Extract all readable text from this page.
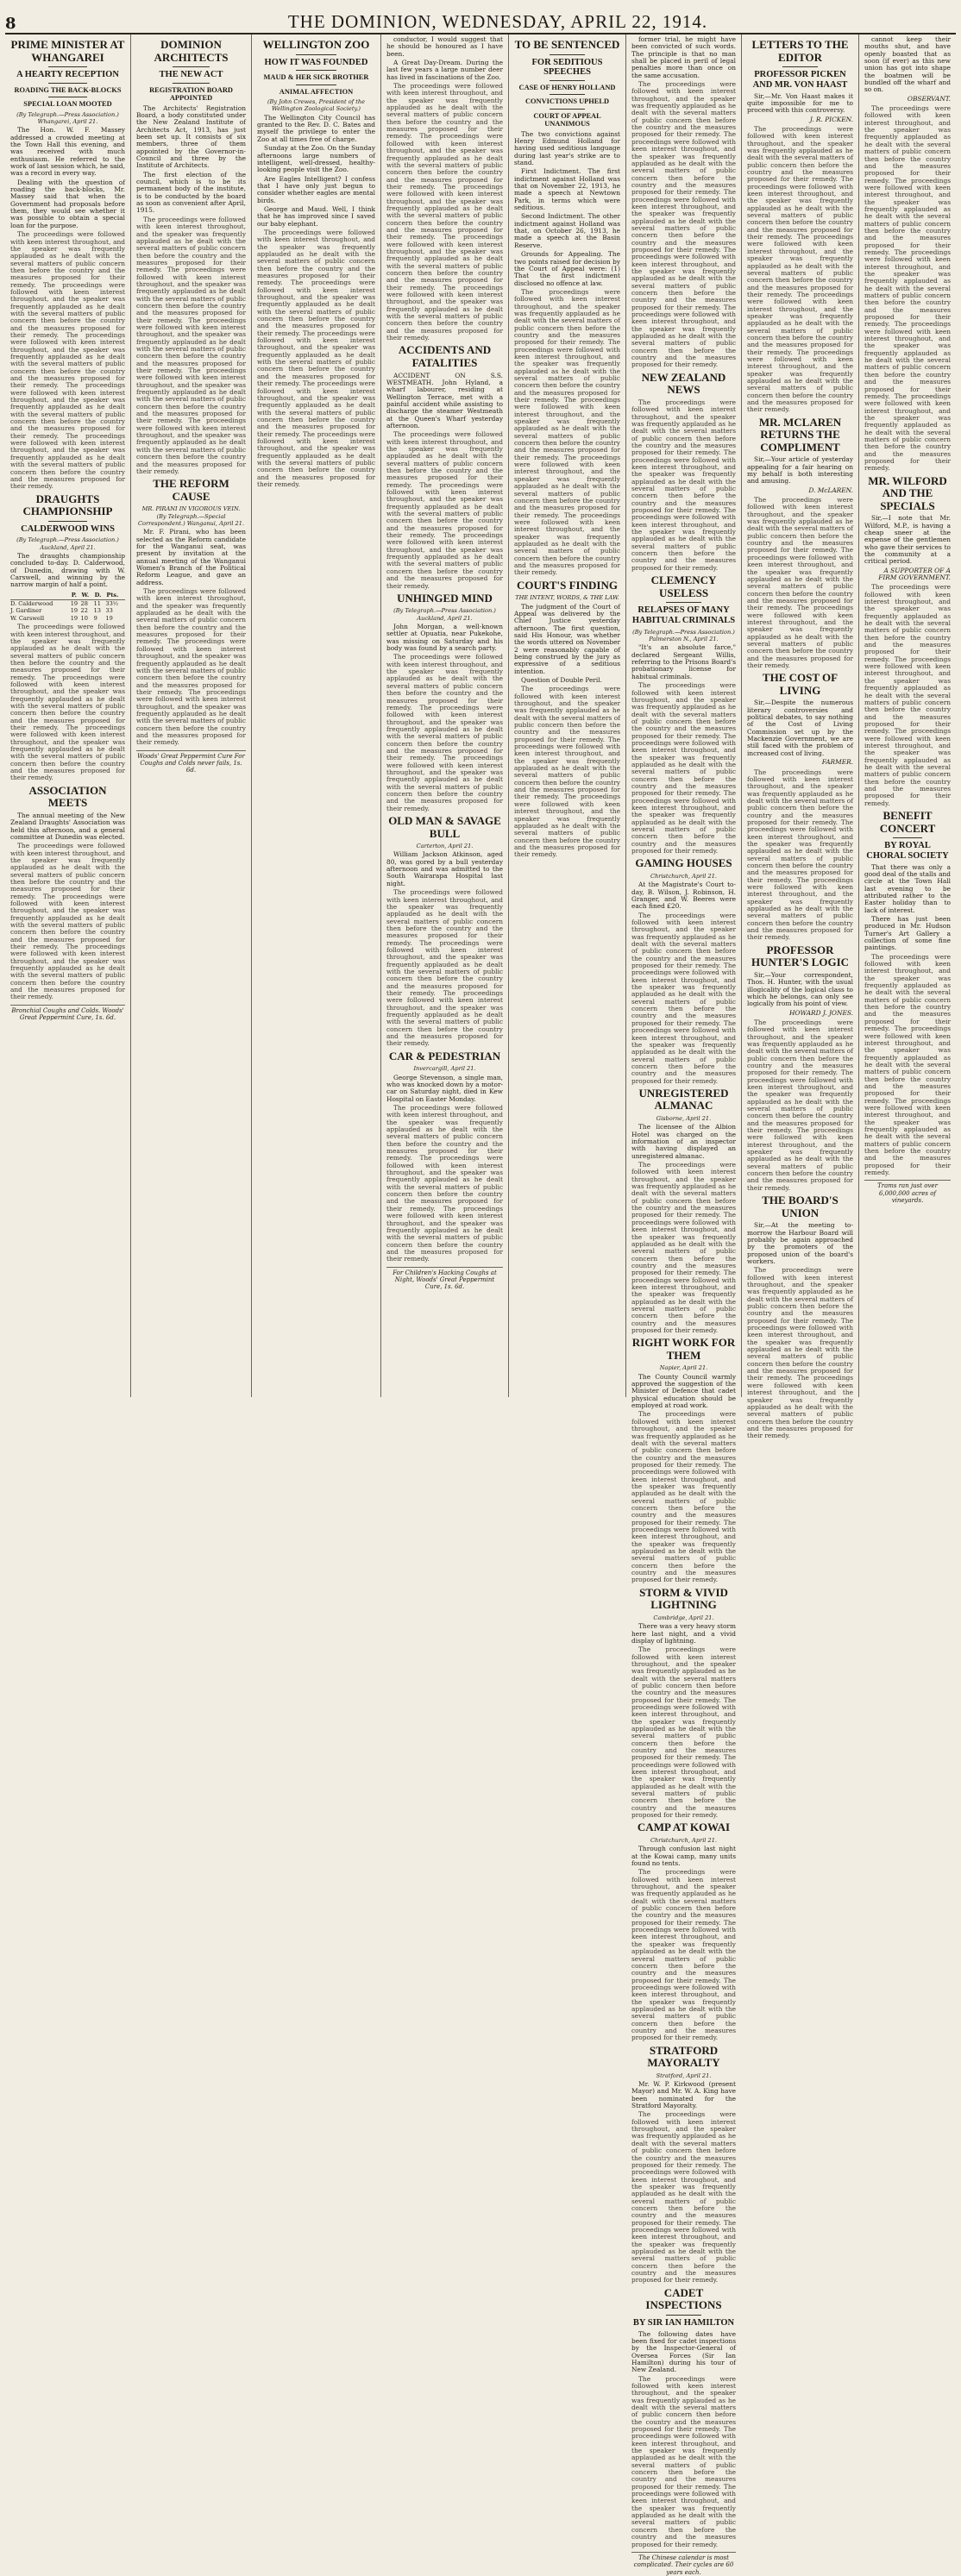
8	THE DOMINION, WEDNESDAY, APRIL 22, 1914.
PRIME MINISTER AT WHANGAREI
A HEARTY RECEPTION
ROADING THE BACK-BLOCKS
SPECIAL LOAN MOOTED
(By Telegraph.—Press Association.) Whangarei, April 21.

The Hon. W. F. Massey addressed a crowded meeting at the Town Hall this evening, and was received with much enthusiasm. He referred to the work of last session which, he said, was a record in every way.

Dealing with the question of roading the back-blocks, Mr. Massey said that when the Government had proposals before them, they would see whether it was possible to obtain a special loan for the purpose.

The proceedings were followed with keen interest throughout, and the speaker was frequently applauded as he dealt with the several matters of public concern then before the country and the measures proposed for their remedy. The proceedings were followed with keen interest throughout, and the speaker was frequently applauded as he dealt with the several matters of public concern then before the country and the measures proposed for their remedy. The proceedings were followed with keen interest throughout, and the speaker was frequently applauded as he dealt with the several matters of public concern then before the country and the measures proposed for their remedy. The proceedings were followed with keen interest throughout, and the speaker was frequently applauded as he dealt with the several matters of public concern then before the country and the measures proposed for their remedy. The proceedings were followed with keen interest throughout, and the speaker was frequently applauded as he dealt with the several matters of public concern then before the country and the measures proposed for their remedy.

DRAUGHTS CHAMPIONSHIP
CALDERWOOD WINS
(By Telegraph.—Press Association.) Auckland, April 21.

The draughts championship concluded to-day. D. Calderwood, of Dunedin, drawing with W. Carswell, and winning by the narrow margin of half a point.

	P.	W.	D.	Pts.
D. Calderwood	19	28	11	33½
J. Gardiner	19	22	13	33
W. Carswell	19	10	9	19

The proceedings were followed with keen interest throughout, and the speaker was frequently applauded as he dealt with the several matters of public concern then before the country and the measures proposed for their remedy. The proceedings were followed with keen interest throughout, and the speaker was frequently applauded as he dealt with the several matters of public concern then before the country and the measures proposed for their remedy. The proceedings were followed with keen interest throughout, and the speaker was frequently applauded as he dealt with the several matters of public concern then before the country and the measures proposed for their remedy.

ASSOCIATION MEETS

The annual meeting of the New Zealand Draughts' Association was held this afternoon, and a general committee at Dunedin was elected.

The proceedings were followed with keen interest throughout, and the speaker was frequently applauded as he dealt with the several matters of public concern then before the country and the measures proposed for their remedy. The proceedings were followed with keen interest throughout, and the speaker was frequently applauded as he dealt with the several matters of public concern then before the country and the measures proposed for their remedy. The proceedings were followed with keen interest throughout, and the speaker was frequently applauded as he dealt with the several matters of public concern then before the country and the measures proposed for their remedy.

Bronchial Coughs and Colds. Woods' Great Peppermint Cure, 1s. 6d.
DOMINION ARCHITECTS
THE NEW ACT
REGISTRATION BOARD APPOINTED

The Architects' Registration Board, a body constituted under the New Zealand Institute of Architects Act, 1913, has just been set up. It consists of six members, three of them appointed by the Governor-in-Council and three by the Institute of Architects.

The first election of the council, which is to be its permanent body of the institute, is to be conducted by the board as soon as convenient after April, 1915.

The proceedings were followed with keen interest throughout, and the speaker was frequently applauded as he dealt with the several matters of public concern then before the country and the measures proposed for their remedy. The proceedings were followed with keen interest throughout, and the speaker was frequently applauded as he dealt with the several matters of public concern then before the country and the measures proposed for their remedy. The proceedings were followed with keen interest throughout, and the speaker was frequently applauded as he dealt with the several matters of public concern then before the country and the measures proposed for their remedy. The proceedings were followed with keen interest throughout, and the speaker was frequently applauded as he dealt with the several matters of public concern then before the country and the measures proposed for their remedy. The proceedings were followed with keen interest throughout, and the speaker was frequently applauded as he dealt with the several matters of public concern then before the country and the measures proposed for their remedy.

THE REFORM CAUSE
MR. PIRANI IN VIGOROUS VEIN. (By Telegraph.—Special Correspondent.) Wanganui, April 21.

Mr. F. Pirani, who has been selected as the Reform candidate for the Wanganui seat, was present by invitation at the annual meeting of the Wanganui Women's Branch of the Political Reform League, and gave an address.

The proceedings were followed with keen interest throughout, and the speaker was frequently applauded as he dealt with the several matters of public concern then before the country and the measures proposed for their remedy. The proceedings were followed with keen interest throughout, and the speaker was frequently applauded as he dealt with the several matters of public concern then before the country and the measures proposed for their remedy. The proceedings were followed with keen interest throughout, and the speaker was frequently applauded as he dealt with the several matters of public concern then before the country and the measures proposed for their remedy.

Woods' Great Peppermint Cure For Coughs and Colds never fails, 1s. 6d.
WELLINGTON ZOO
HOW IT WAS FOUNDED
MAUD & HER SICK BROTHER
ANIMAL AFFECTION
(By John Crewes, President of the Wellington Zoological Society.)

The Wellington City Council has granted to the Rev. D. C. Bates and myself the privilege to enter the Zoo at all times free of charge.

Sunday at the Zoo. On the Sunday afternoons large numbers of intelligent, well-dressed, healthy-looking people visit the Zoo.

Are Eagles Intelligent? I confess that I have only just begun to consider whether eagles are mental birds.

George and Maud. Well, I think that he has improved since I saved our baby elephant.

The proceedings were followed with keen interest throughout, and the speaker was frequently applauded as he dealt with the several matters of public concern then before the country and the measures proposed for their remedy. The proceedings were followed with keen interest throughout, and the speaker was frequently applauded as he dealt with the several matters of public concern then before the country and the measures proposed for their remedy. The proceedings were followed with keen interest throughout, and the speaker was frequently applauded as he dealt with the several matters of public concern then before the country and the measures proposed for their remedy. The proceedings were followed with keen interest throughout, and the speaker was frequently applauded as he dealt with the several matters of public concern then before the country and the measures proposed for their remedy. The proceedings were followed with keen interest throughout, and the speaker was frequently applauded as he dealt with the several matters of public concern then before the country and the measures proposed for their remedy.

conductor, I would suggest that he should be honoured as I have been.

A Great Day-Dream. During the last few years a large number deer has lived in fascinations of the Zoo.

The proceedings were followed with keen interest throughout, and the speaker was frequently applauded as he dealt with the several matters of public concern then before the country and the measures proposed for their remedy. The proceedings were followed with keen interest throughout, and the speaker was frequently applauded as he dealt with the several matters of public concern then before the country and the measures proposed for their remedy. The proceedings were followed with keen interest throughout, and the speaker was frequently applauded as he dealt with the several matters of public concern then before the country and the measures proposed for their remedy. The proceedings were followed with keen interest throughout, and the speaker was frequently applauded as he dealt with the several matters of public concern then before the country and the measures proposed for their remedy. The proceedings were followed with keen interest throughout, and the speaker was frequently applauded as he dealt with the several matters of public concern then before the country and the measures proposed for their remedy.

ACCIDENTS AND FATALITIES

ACCIDENT ON S.S. WESTMEATH. John Hyland, a wharf labourer, residing at Wellington Terrace, met with a painful accident while assisting to discharge the steamer Westmeath at the Queen's Wharf yesterday afternoon.

The proceedings were followed with keen interest throughout, and the speaker was frequently applauded as he dealt with the several matters of public concern then before the country and the measures proposed for their remedy. The proceedings were followed with keen interest throughout, and the speaker was frequently applauded as he dealt with the several matters of public concern then before the country and the measures proposed for their remedy. The proceedings were followed with keen interest throughout, and the speaker was frequently applauded as he dealt with the several matters of public concern then before the country and the measures proposed for their remedy.

UNHINGED MIND
(By Telegraph.—Press Association.) Auckland, April 21.

John Morgan, a well-known settler at Opuatia, near Pukekohe, was missing on Saturday and his body was found by a search party.

The proceedings were followed with keen interest throughout, and the speaker was frequently applauded as he dealt with the several matters of public concern then before the country and the measures proposed for their remedy. The proceedings were followed with keen interest throughout, and the speaker was frequently applauded as he dealt with the several matters of public concern then before the country and the measures proposed for their remedy. The proceedings were followed with keen interest throughout, and the speaker was frequently applauded as he dealt with the several matters of public concern then before the country and the measures proposed for their remedy.

OLD MAN & SAVAGE BULL
Carterton, April 21.

William Jackson Atkinson, aged 80, was gored by a bull yesterday afternoon and was admitted to the South Wairarapa Hospital last night.

The proceedings were followed with keen interest throughout, and the speaker was frequently applauded as he dealt with the several matters of public concern then before the country and the measures proposed for their remedy. The proceedings were followed with keen interest throughout, and the speaker was frequently applauded as he dealt with the several matters of public concern then before the country and the measures proposed for their remedy. The proceedings were followed with keen interest throughout, and the speaker was frequently applauded as he dealt with the several matters of public concern then before the country and the measures proposed for their remedy.

CAR & PEDESTRIAN
Invercargill, April 21.

George Stevenson, a single man, who was knocked down by a motor-car on Saturday night, died in Kew Hospital on Easter Monday.

The proceedings were followed with keen interest throughout, and the speaker was frequently applauded as he dealt with the several matters of public concern then before the country and the measures proposed for their remedy. The proceedings were followed with keen interest throughout, and the speaker was frequently applauded as he dealt with the several matters of public concern then before the country and the measures proposed for their remedy. The proceedings were followed with keen interest throughout, and the speaker was frequently applauded as he dealt with the several matters of public concern then before the country and the measures proposed for their remedy.

For Children's Hacking Coughs at Night, Woods' Great Peppermint Cure, 1s. 6d.
TO BE SENTENCED
FOR SEDITIOUS SPEECHES
CASE OF HENRY HOLLAND
CONVICTIONS UPHELD
COURT OF APPEAL UNANIMOUS

The two convictions against Henry Edmund Holland for having used seditious language during last year's strike are to stand.

First Indictment. The first indictment against Holland was that on November 22, 1913, he made a speech at Newtown Park, in terms which were seditious.

Second Indictment. The other indictment against Holland was that, on October 26, 1913, he made a speech at the Basin Reserve.

Grounds for Appealing. The two points raised for decision by the Court of Appeal were: (1) That the first indictment disclosed no offence at law.

The proceedings were followed with keen interest throughout, and the speaker was frequently applauded as he dealt with the several matters of public concern then before the country and the measures proposed for their remedy. The proceedings were followed with keen interest throughout, and the speaker was frequently applauded as he dealt with the several matters of public concern then before the country and the measures proposed for their remedy. The proceedings were followed with keen interest throughout, and the speaker was frequently applauded as he dealt with the several matters of public concern then before the country and the measures proposed for their remedy. The proceedings were followed with keen interest throughout, and the speaker was frequently applauded as he dealt with the several matters of public concern then before the country and the measures proposed for their remedy. The proceedings were followed with keen interest throughout, and the speaker was frequently applauded as he dealt with the several matters of public concern then before the country and the measures proposed for their remedy.

COURT'S FINDING
THE INTENT, WORDS, & THE LAW.

The judgment of the Court of Appeal was delivered by the Chief Justice yesterday afternoon. The first question, said His Honour, was whether the words uttered on November 2 were reasonably capable of being construed by the jury as expressive of a seditious intention.

Question of Double Peril.

The proceedings were followed with keen interest throughout, and the speaker was frequently applauded as he dealt with the several matters of public concern then before the country and the measures proposed for their remedy. The proceedings were followed with keen interest throughout, and the speaker was frequently applauded as he dealt with the several matters of public concern then before the country and the measures proposed for their remedy. The proceedings were followed with keen interest throughout, and the speaker was frequently applauded as he dealt with the several matters of public concern then before the country and the measures proposed for their remedy.

former trial, he might have been convicted of such words. The principle is that no man shall be placed in peril of legal penalties more than once on the same accusation.

The proceedings were followed with keen interest throughout, and the speaker was frequently applauded as he dealt with the several matters of public concern then before the country and the measures proposed for their remedy. The proceedings were followed with keen interest throughout, and the speaker was frequently applauded as he dealt with the several matters of public concern then before the country and the measures proposed for their remedy. The proceedings were followed with keen interest throughout, and the speaker was frequently applauded as he dealt with the several matters of public concern then before the country and the measures proposed for their remedy. The proceedings were followed with keen interest throughout, and the speaker was frequently applauded as he dealt with the several matters of public concern then before the country and the measures proposed for their remedy. The proceedings were followed with keen interest throughout, and the speaker was frequently applauded as he dealt with the several matters of public concern then before the country and the measures proposed for their remedy.

NEW ZEALAND NEWS

The proceedings were followed with keen interest throughout, and the speaker was frequently applauded as he dealt with the several matters of public concern then before the country and the measures proposed for their remedy. The proceedings were followed with keen interest throughout, and the speaker was frequently applauded as he dealt with the several matters of public concern then before the country and the measures proposed for their remedy. The proceedings were followed with keen interest throughout, and the speaker was frequently applauded as he dealt with the several matters of public concern then before the country and the measures proposed for their remedy.

CLEMENCY USELESS
RELAPSES OF MANY HABITUAL CRIMINALS
(By Telegraph.—Press Association.) Palmerston N., April 21.

"It's an absolute farce," declared Sergeant Willis, referring to the Prisons Board's probationary license for habitual criminals.

The proceedings were followed with keen interest throughout, and the speaker was frequently applauded as he dealt with the several matters of public concern then before the country and the measures proposed for their remedy. The proceedings were followed with keen interest throughout, and the speaker was frequently applauded as he dealt with the several matters of public concern then before the country and the measures proposed for their remedy. The proceedings were followed with keen interest throughout, and the speaker was frequently applauded as he dealt with the several matters of public concern then before the country and the measures proposed for their remedy.

GAMING HOUSES
Christchurch, April 21.

At the Magistrate's Court to-day, B. Wilson, J. Robinson, H. Granger, and W. Beeres were each fined £20.

The proceedings were followed with keen interest throughout, and the speaker was frequently applauded as he dealt with the several matters of public concern then before the country and the measures proposed for their remedy. The proceedings were followed with keen interest throughout, and the speaker was frequently applauded as he dealt with the several matters of public concern then before the country and the measures proposed for their remedy. The proceedings were followed with keen interest throughout, and the speaker was frequently applauded as he dealt with the several matters of public concern then before the country and the measures proposed for their remedy.

UNREGISTERED ALMANAC
Gisborne, April 21.

The licensee of the Albion Hotel was charged on the information of an inspector with having displayed an unregistered almanac.

The proceedings were followed with keen interest throughout, and the speaker was frequently applauded as he dealt with the several matters of public concern then before the country and the measures proposed for their remedy. The proceedings were followed with keen interest throughout, and the speaker was frequently applauded as he dealt with the several matters of public concern then before the country and the measures proposed for their remedy. The proceedings were followed with keen interest throughout, and the speaker was frequently applauded as he dealt with the several matters of public concern then before the country and the measures proposed for their remedy.

RIGHT WORK FOR THEM
Napier, April 21.

The County Council warmly approved the suggestion of the Minister of Defence that cadet physical education should be employed at road work.

The proceedings were followed with keen interest throughout, and the speaker was frequently applauded as he dealt with the several matters of public concern then before the country and the measures proposed for their remedy. The proceedings were followed with keen interest throughout, and the speaker was frequently applauded as he dealt with the several matters of public concern then before the country and the measures proposed for their remedy. The proceedings were followed with keen interest throughout, and the speaker was frequently applauded as he dealt with the several matters of public concern then before the country and the measures proposed for their remedy.

STORM & VIVID LIGHTNING
Cambridge, April 21.

There was a very heavy storm here last night, and a vivid display of lightning.

The proceedings were followed with keen interest throughout, and the speaker was frequently applauded as he dealt with the several matters of public concern then before the country and the measures proposed for their remedy. The proceedings were followed with keen interest throughout, and the speaker was frequently applauded as he dealt with the several matters of public concern then before the country and the measures proposed for their remedy. The proceedings were followed with keen interest throughout, and the speaker was frequently applauded as he dealt with the several matters of public concern then before the country and the measures proposed for their remedy.

CAMP AT KOWAI
Christchurch, April 21.

Through confusion last night at the Kowai camp, many units found no tents.

The proceedings were followed with keen interest throughout, and the speaker was frequently applauded as he dealt with the several matters of public concern then before the country and the measures proposed for their remedy. The proceedings were followed with keen interest throughout, and the speaker was frequently applauded as he dealt with the several matters of public concern then before the country and the measures proposed for their remedy. The proceedings were followed with keen interest throughout, and the speaker was frequently applauded as he dealt with the several matters of public concern then before the country and the measures proposed for their remedy.

STRATFORD MAYORALTY
Stratford, April 21.

Mr. W. P. Kirkwood (present Mayor) and Mr. W. A. King have been nominated for the Stratford Mayoralty.

The proceedings were followed with keen interest throughout, and the speaker was frequently applauded as he dealt with the several matters of public concern then before the country and the measures proposed for their remedy. The proceedings were followed with keen interest throughout, and the speaker was frequently applauded as he dealt with the several matters of public concern then before the country and the measures proposed for their remedy. The proceedings were followed with keen interest throughout, and the speaker was frequently applauded as he dealt with the several matters of public concern then before the country and the measures proposed for their remedy.

CADET INSPECTIONS
BY SIR IAN HAMILTON

The following dates have been fixed for cadet inspections by the Inspector-General of Oversea Forces (Sir Ian Hamilton) during his tour of New Zealand.

The proceedings were followed with keen interest throughout, and the speaker was frequently applauded as he dealt with the several matters of public concern then before the country and the measures proposed for their remedy. The proceedings were followed with keen interest throughout, and the speaker was frequently applauded as he dealt with the several matters of public concern then before the country and the measures proposed for their remedy. The proceedings were followed with keen interest throughout, and the speaker was frequently applauded as he dealt with the several matters of public concern then before the country and the measures proposed for their remedy.

The Chinese calendar is most complicated. Their cycles are 60 years each.
LETTERS TO THE EDITOR
PROFESSOR PICKEN AND MR. VON HAAST

Sir,—Mr. Von Haast makes it quite impossible for me to proceed with this controversy.

J. R. PICKEN.

The proceedings were followed with keen interest throughout, and the speaker was frequently applauded as he dealt with the several matters of public concern then before the country and the measures proposed for their remedy. The proceedings were followed with keen interest throughout, and the speaker was frequently applauded as he dealt with the several matters of public concern then before the country and the measures proposed for their remedy. The proceedings were followed with keen interest throughout, and the speaker was frequently applauded as he dealt with the several matters of public concern then before the country and the measures proposed for their remedy. The proceedings were followed with keen interest throughout, and the speaker was frequently applauded as he dealt with the several matters of public concern then before the country and the measures proposed for their remedy. The proceedings were followed with keen interest throughout, and the speaker was frequently applauded as he dealt with the several matters of public concern then before the country and the measures proposed for their remedy.

MR. MCLAREN RETURNS THE COMPLIMENT

Sir,—Your article of yesterday appealing for a fair hearing on my behalf is both interesting and amusing.

D. McLAREN.

The proceedings were followed with keen interest throughout, and the speaker was frequently applauded as he dealt with the several matters of public concern then before the country and the measures proposed for their remedy. The proceedings were followed with keen interest throughout, and the speaker was frequently applauded as he dealt with the several matters of public concern then before the country and the measures proposed for their remedy. The proceedings were followed with keen interest throughout, and the speaker was frequently applauded as he dealt with the several matters of public concern then before the country and the measures proposed for their remedy.

THE COST OF LIVING

Sir,—Despite the numerous literary controversies and political debates, to say nothing of the Cost of Living Commission set up by the Mackenzie Government, we are still faced with the problem of increased cost of living.

FARMER.

The proceedings were followed with keen interest throughout, and the speaker was frequently applauded as he dealt with the several matters of public concern then before the country and the measures proposed for their remedy. The proceedings were followed with keen interest throughout, and the speaker was frequently applauded as he dealt with the several matters of public concern then before the country and the measures proposed for their remedy. The proceedings were followed with keen interest throughout, and the speaker was frequently applauded as he dealt with the several matters of public concern then before the country and the measures proposed for their remedy.

PROFESSOR HUNTER'S LOGIC

Sir,—Your correspondent, Thos. H. Hunter, with the usual illogicality of the logical class to which he belongs, can only see logically from his point of view.

HOWARD J. JONES.

The proceedings were followed with keen interest throughout, and the speaker was frequently applauded as he dealt with the several matters of public concern then before the country and the measures proposed for their remedy. The proceedings were followed with keen interest throughout, and the speaker was frequently applauded as he dealt with the several matters of public concern then before the country and the measures proposed for their remedy. The proceedings were followed with keen interest throughout, and the speaker was frequently applauded as he dealt with the several matters of public concern then before the country and the measures proposed for their remedy.

THE BOARD'S UNION

Sir,—At the meeting to-morrow the Harbour Board will probably be again approached by the promoters of the proposed union of the board's workers.

The proceedings were followed with keen interest throughout, and the speaker was frequently applauded as he dealt with the several matters of public concern then before the country and the measures proposed for their remedy. The proceedings were followed with keen interest throughout, and the speaker was frequently applauded as he dealt with the several matters of public concern then before the country and the measures proposed for their remedy. The proceedings were followed with keen interest throughout, and the speaker was frequently applauded as he dealt with the several matters of public concern then before the country and the measures proposed for their remedy.

cannot keep their mouths shut, and have openly boasted that as soon (if ever) as this new union has got into shape the boatmen will be bundled off the wharf and so on.

OBSERVANT.

The proceedings were followed with keen interest throughout, and the speaker was frequently applauded as he dealt with the several matters of public concern then before the country and the measures proposed for their remedy. The proceedings were followed with keen interest throughout, and the speaker was frequently applauded as he dealt with the several matters of public concern then before the country and the measures proposed for their remedy. The proceedings were followed with keen interest throughout, and the speaker was frequently applauded as he dealt with the several matters of public concern then before the country and the measures proposed for their remedy. The proceedings were followed with keen interest throughout, and the speaker was frequently applauded as he dealt with the several matters of public concern then before the country and the measures proposed for their remedy. The proceedings were followed with keen interest throughout, and the speaker was frequently applauded as he dealt with the several matters of public concern then before the country and the measures proposed for their remedy.

MR. WILFORD AND THE SPECIALS

Sir,—I note that Mr. Wilford, M.P., is having a cheap sneer at the expense of the gentlemen who gave their services to the community at a critical period.

A SUPPORTER OF A FIRM GOVERNMENT.

The proceedings were followed with keen interest throughout, and the speaker was frequently applauded as he dealt with the several matters of public concern then before the country and the measures proposed for their remedy. The proceedings were followed with keen interest throughout, and the speaker was frequently applauded as he dealt with the several matters of public concern then before the country and the measures proposed for their remedy. The proceedings were followed with keen interest throughout, and the speaker was frequently applauded as he dealt with the several matters of public concern then before the country and the measures proposed for their remedy.

BENEFIT CONCERT
BY ROYAL CHORAL SOCIETY

That there was only a good deal of the stalls and circle at the Town Hall last evening to be attributed rather to the Easter holiday than to lack of interest.

There has just been produced in Mr. Hudson Turner's Art Gallery a collection of some fine paintings.

The proceedings were followed with keen interest throughout, and the speaker was frequently applauded as he dealt with the several matters of public concern then before the country and the measures proposed for their remedy. The proceedings were followed with keen interest throughout, and the speaker was frequently applauded as he dealt with the several matters of public concern then before the country and the measures proposed for their remedy. The proceedings were followed with keen interest throughout, and the speaker was frequently applauded as he dealt with the several matters of public concern then before the country and the measures proposed for their remedy.

Trams ran just over 6,000,000 acres of vineyards.
